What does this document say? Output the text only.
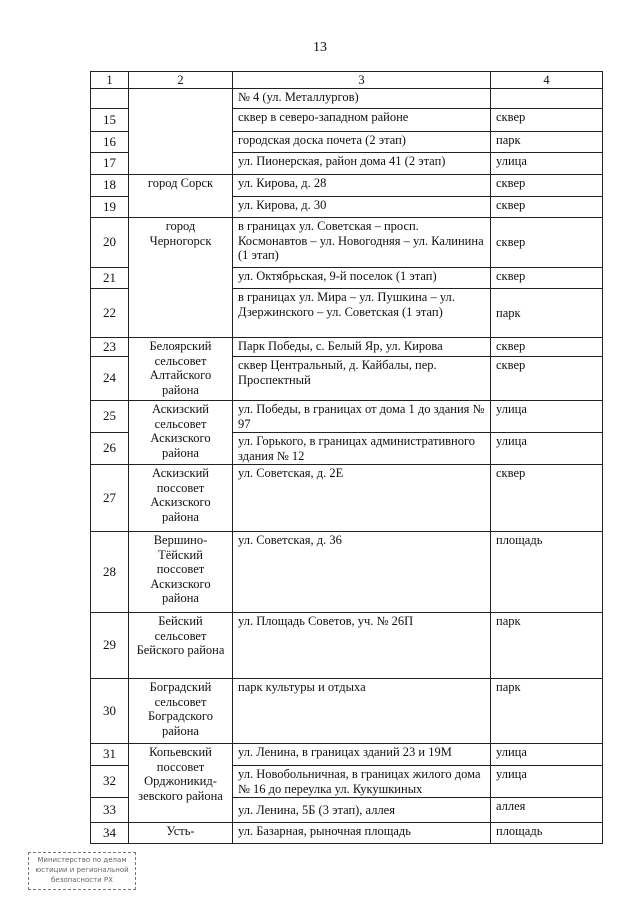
13
1	2	3	4
		№ 4 (ул. Металлургов)	
15		сквер в северо-западном районе	сквер
16		городская доска почета (2 этап)	парк
17		ул. Пионерская, район дома 41 (2 этап)	улица
18	город Сорск	ул. Кирова, д. 28	сквер
19		ул. Кирова, д. 30	сквер
20	город Черногорск	в границах ул. Советская – просп. Космонавтов – ул. Новогодняя – ул. Калинина (1 этап)	сквер
21		ул. Октябрьская, 9-й поселок (1 этап)	сквер
22		в границах ул. Мира – ул. Пушкина – ул. Дзержинского – ул. Советская (1 этап)	парк
23	Белоярский сельсовет Алтайского района	Парк Победы, с. Белый Яр, ул. Кирова	сквер
24		сквер Центральный, д. Кайбалы, пер. Проспектный	сквер
25	Аскизский сельсовет Аскизского района	ул. Победы, в границах от дома 1 до здания № 97	улица
26		ул. Горького, в границах административного здания № 12	улица
27	Аскизский поссовет Аскизского района	ул. Советская, д. 2Е	сквер
28	Вершино-Тёйский поссовет Аскизского района	ул. Советская, д. 36	площадь
29	Бейский сельсовет Бейского района	ул. Площадь Советов, уч. № 26П	парк
30	Боградский сельсовет Боградского района	парк культуры и отдыха	парк
31	Копьевский поссовет Орджоникид-зевского района	ул. Ленина, в границах зданий 23 и 19М	улица
32		ул. Новобольничная, в границах жилого дома № 16 до переулка ул. Кукушкиных	улица
33		ул. Ленина, 5Б (3 этап), аллея	аллея
34	Усть-	ул. Базарная, рыночная площадь	площадь
Министерство по делам юстиции и региональной безопасности РХ
